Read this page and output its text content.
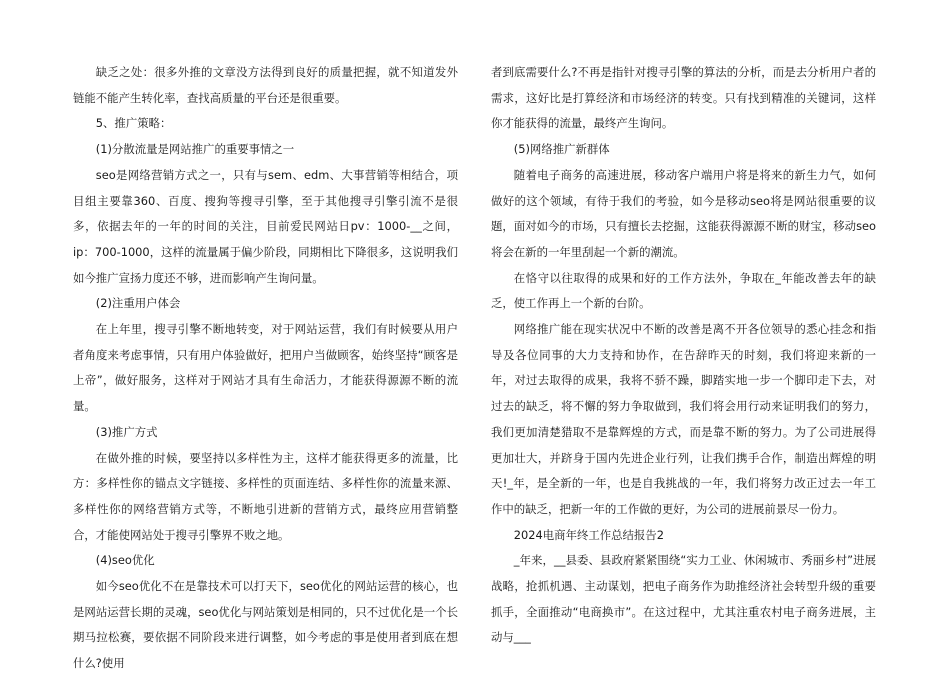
缺乏之处：很多外推的文章没方法得到良好的质量把握，就不知道发外链能不能产生转化率，查找高质量的平台还是很重要。

5、推广策略：

(1)分散流量是网站推广的重要事情之一

seo是网络营销方式之一，只有与sem、edm、大事营销等相结合，项目组主要靠360、百度、搜狗等搜寻引擎，至于其他搜寻引擎引流不是很多，依据去年的一年的时间的关注，目前爱民网站日pv：1000-__之间，ip：700-1000，这样的流量属于偏少阶段，同期相比下降很多，这说明我们如今推广宣扬力度还不够，进而影响产生询问量。

(2)注重用户体会

在上年里，搜寻引擎不断地转变，对于网站运营，我们有时候要从用户者角度来考虑事情，只有用户体验做好，把用户当做顾客，始终坚持“顾客是上帝”，做好服务，这样对于网站才具有生命活力，才能获得源源不断的流量。

(3)推广方式

在做外推的时候，要坚持以多样性为主，这样才能获得更多的流量，比方：多样性你的锚点文字链接、多样性的页面连结、多样性你的流量来源、多样性你的网络营销方式等，不断地引进新的营销方式，最终应用营销整合，才能使网站处于搜寻引擎界不败之地。

(4)seo优化

如今seo优化不在是靠技术可以打天下，seo优化的网站运营的核心，也是网站运营长期的灵魂，seo优化与网站策划是相同的，只不过优化是一个长期马拉松赛，要依据不同阶段来进行调整，如今考虑的事是使用者到底在想什么?使用

者到底需要什么?不再是指针对搜寻引擎的算法的分析，而是去分析用户者的需求，这好比是打算经济和市场经济的转变。只有找到精准的关键词，这样你才能获得的流量，最终产生询问。

(5)网络推广新群体

随着电子商务的高速进展，移动客户端用户将是将来的新生力气，如何做好的这个领域，有待于我们的考验，如今是移动seo将是网站很重要的议题，面对如今的市场，只有擅长去挖掘，这能获得源源不断的财宝，移动seo将会在新的一年里刮起一个新的潮流。

在恪守以往取得的成果和好的工作方法外，争取在_年能改善去年的缺乏，使工作再上一个新的台阶。

网络推广能在现实状况中不断的改善是离不开各位领导的悉心挂念和指导及各位同事的大力支持和协作，在告辞昨天的时刻，我们将迎来新的一年，对过去取得的成果，我将不骄不躁，脚踏实地一步一个脚印走下去，对过去的缺乏，将不懈的努力争取做到，我们将会用行动来证明我们的努力，我们更加清楚猎取不是靠辉煌的方式，而是靠不断的努力。为了公司进展得更加壮大，并跻身于国内先进企业行列，让我们携手合作，制造出辉煌的明天!_年，是全新的一年，也是自我挑战的一年，我们将努力改正过去一年工作中的缺乏，把新一年的工作做的更好，为公司的进展前景尽一份力。

2024电商年终工作总结报告2

_年来，__县委、县政府紧紧围绕“实力工业、休闲城市、秀丽乡村”进展战略，抢抓机遇、主动谋划，把电子商务作为助推经济社会转型升级的重要抓手，全面推动“电商换市”。在这过程中，尤其注重农村电子商务进展，主动与___
